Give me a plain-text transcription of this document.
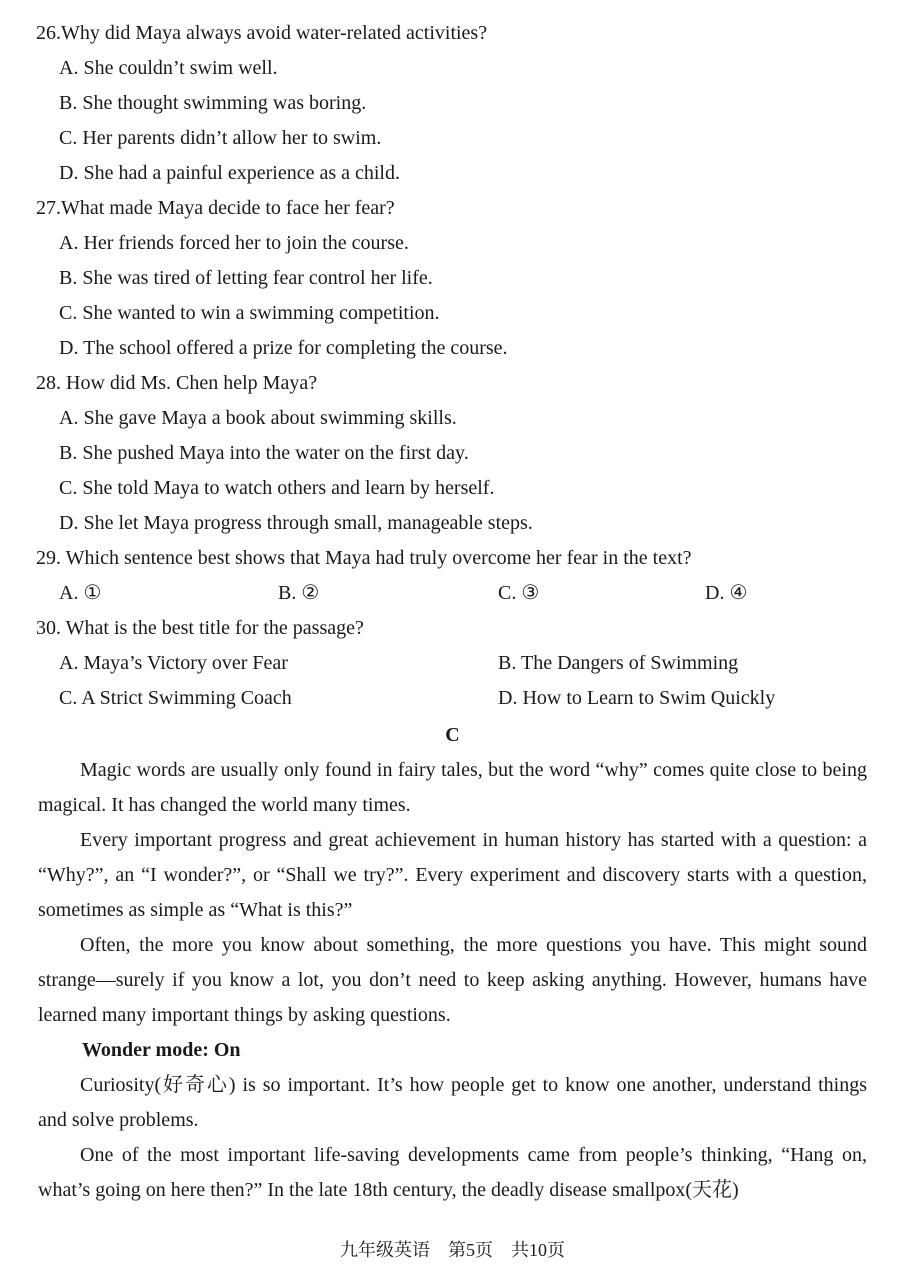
26.Why did Maya always avoid water-related activities?
A. She couldn’t swim well.
B. She thought swimming was boring.
C. Her parents didn’t allow her to swim.
D. She had a painful experience as a child.
27.What made Maya decide to face her fear?
A. Her friends forced her to join the course.
B. She was tired of letting fear control her life.
C. She wanted to win a swimming competition.
D. The school offered a prize for completing the course.
28. How did Ms. Chen help Maya?
A. She gave Maya a book about swimming skills.
B. She pushed Maya into the water on the first day.
C. She told Maya to watch others and learn by herself.
D. She let Maya progress through small, manageable steps.
29. Which sentence best shows that Maya had truly overcome her fear in the text?
A. ①	B. ②	C. ③	D. ④
30. What is the best title for the passage?
A. Maya’s Victory over Fear	B. The Dangers of Swimming
C. A Strict Swimming Coach	D. How to Learn to Swim Quickly
C

Magic words are usually only found in fairy tales, but the word “why” comes quite close to being magical. It has changed the world many times.

Every important progress and great achievement in human history has started with a question: a “Why?”, an “I wonder?”, or “Shall we try?”. Every experiment and discovery starts with a question, sometimes as simple as “What is this?”

Often, the more you know about something, the more questions you have. This might sound strange—surely if you know a lot, you don’t need to keep asking anything. However, humans have learned many important things by asking questions.

Wonder mode: On

Curiosity(好奇心) is so important. It’s how people get to know one another, understand things and solve problems.

One of the most important life-saving developments came from people’s thinking, “Hang on, what’s going on here then?” In the late 18th century, the deadly disease smallpox(天花)

九年级英语　第5页　共10页
